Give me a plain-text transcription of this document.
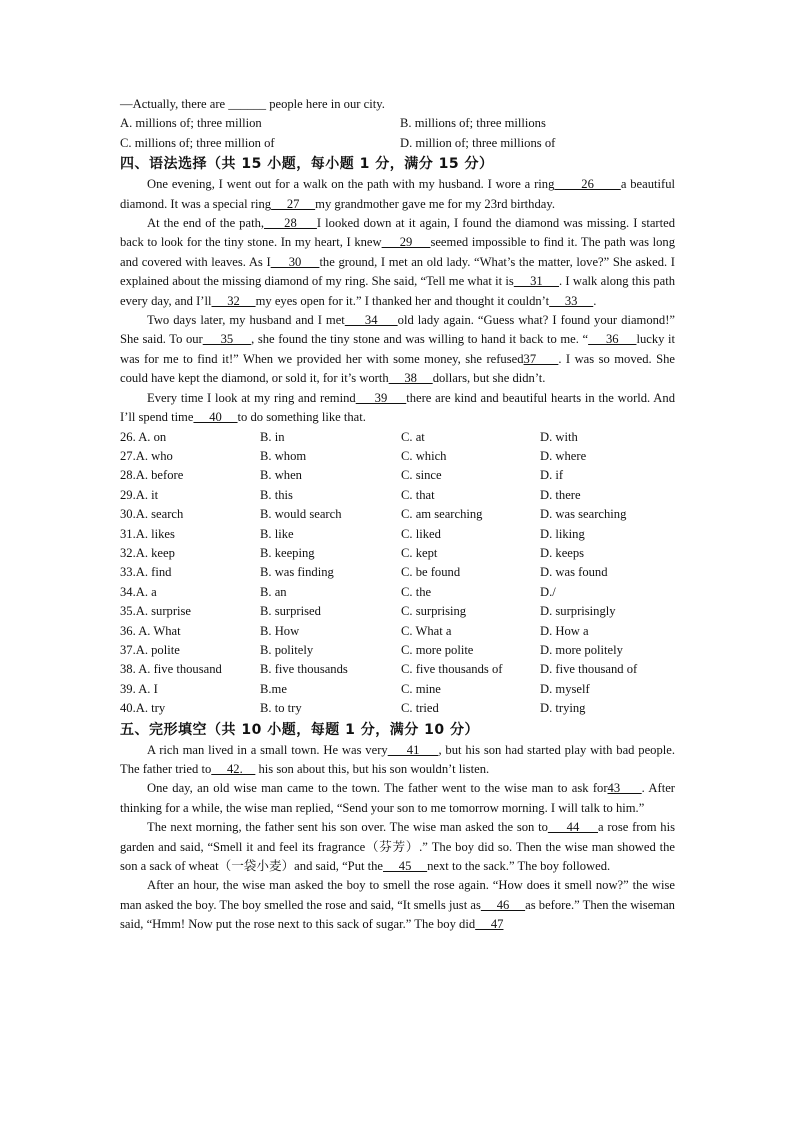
—Actually, there are ______ people here in our city.
A. millions of; three million	B. millions of; three millions
C. millions of; three million of	D. million of; three millions of
四、语法选择（共 15 小题，每小题 1 分，满分 15 分）
One evening, I went out for a walk on the path with my husband. I wore a ring       26       a beautiful diamond. It was a special ring     27     my grandmother gave me for my 23rd birthday.
At the end of the path,     28     I looked down at it again, I found the diamond was missing. I started back to look for the tiny stone. In my heart, I knew     29     seemed impossible to find it. The path was long and covered with leaves. As I     30     the ground, I met an old lady. “What’s the matter, love?” She asked. I explained about the missing diamond of my ring. She said, “Tell me what it is     31     . I walk along this path every day, and I’ll     32     my eyes open for it.” I thanked her and thought it couldn’t     33     .
Two days later, my husband and I met     34     old lady again. “Guess what? I found your diamond!” She said. To our     35     , she found the tiny stone and was willing to hand it back to me. “     36     lucky it was for me to find it!” When we provided her with some money, she refused37     . I was so moved. She could have kept the diamond, or sold it, for it’s worth     38     dollars, but she didn’t.
Every time I look at my ring and remind     39     there are kind and beautiful hearts in the world. And I’ll spend time     40     to do something like that.
26. A. on	B. in	C. at	D. with
27.A. who	B. whom	C. which	D. where
28.A. before	B. when	C. since	D. if
29.A. it	B. this	C. that	D. there
30.A. search	B. would search	C. am searching	D. was searching
31.A. likes	B. like	C. liked	D. liking
32.A. keep	B. keeping	C. kept	D. keeps
33.A. find	B. was finding	C. be found	D. was found
34.A. a	B. an	C. the	D./
35.A. surprise	B. surprised	C. surprising	D. surprisingly
36. A. What	B. How	C. What a	D. How a
37.A. polite	B. politely	C. more polite	D. more politely
38. A. five thousand	B. five thousands	C. five thousands of	D. five thousand of
39. A. I	B.me	C. mine	D. myself
40.A. try	B. to try	C. tried	D. trying
五、完形填空（共 10 小题，每题 1 分，满分 10 分）
A rich man lived in a small town. He was very     41     , but his son had started play with bad people. The father tried to     42.     his son about this, but his son wouldn’t listen.
One day, an old wise man came to the town. The father went to the wise man to ask for43     . After thinking for a while, the wise man replied, “Send your son to me tomorrow morning. I will talk to him.”
The next morning, the father sent his son over. The wise man asked the son to     44     a rose from his garden and said, “Smell it and feel its fragrance（芬芳）.” The boy did so. Then the wise man showed the son a sack of wheat（一袋小麦）and said, “Put the     45     next to the sack.” The boy followed.
After an hour, the wise man asked the boy to smell the rose again. “How does it smell now?” the wise man asked the boy. The boy smelled the rose and said, “It smells just as     46     as before.” Then the wiseman said, “Hmm! Now put the rose next to this sack of sugar.” The boy did     47
